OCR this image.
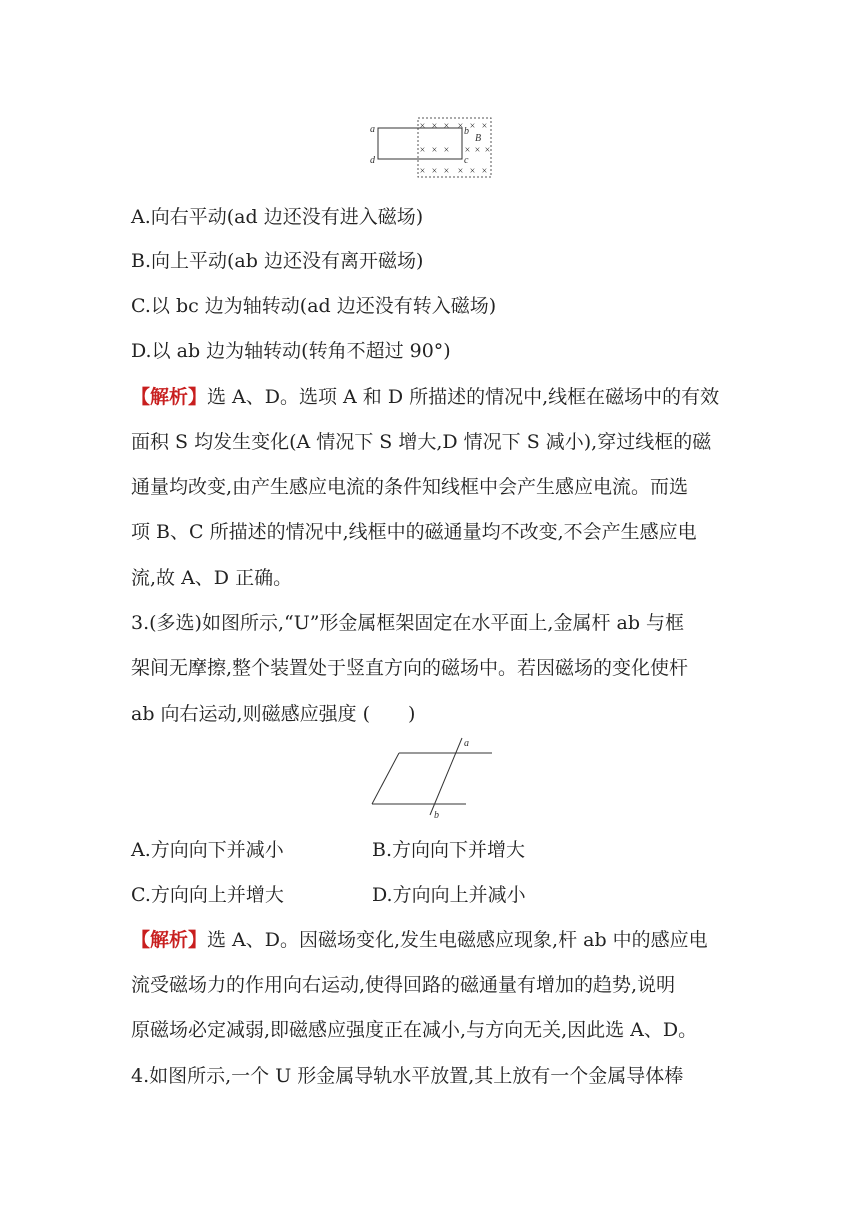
× × × × × ×
× × × × × ×
× × × × × ×
a	b
B
c
d
A.向右平动(ad 边还没有进入磁场)
B.向上平动(ab 边还没有离开磁场)
C.以 bc 边为轴转动(ad 边还没有转入磁场)
D.以 ab 边为轴转动(转角不超过 90°)
【解析】选 A、D。选项 A 和 D 所描述的情况中,线框在磁场中的有效
面积 S 均发生变化(A 情况下 S 增大,D 情况下 S 减小),穿过线框的磁
通量均改变,由产生感应电流的条件知线框中会产生感应电流。而选
项 B、C 所描述的情况中,线框中的磁通量均不改变,不会产生感应电
流,故 A、D 正确。
3.(多选)如图所示,“U”形金属框架固定在水平面上,金属杆 ab 与框
架间无摩擦,整个装置处于竖直方向的磁场中。若因磁场的变化使杆
ab 向右运动,则磁感应强度 (　　)
a
b
A.方向向下并减小	B.方向向下并增大
C.方向向上并增大	D.方向向上并减小
【解析】选 A、D。因磁场变化,发生电磁感应现象,杆 ab 中的感应电
流受磁场力的作用向右运动,使得回路的磁通量有增加的趋势,说明
原磁场必定减弱,即磁感应强度正在减小,与方向无关,因此选 A、D。
4.如图所示,一个 U 形金属导轨水平放置,其上放有一个金属导体棒
